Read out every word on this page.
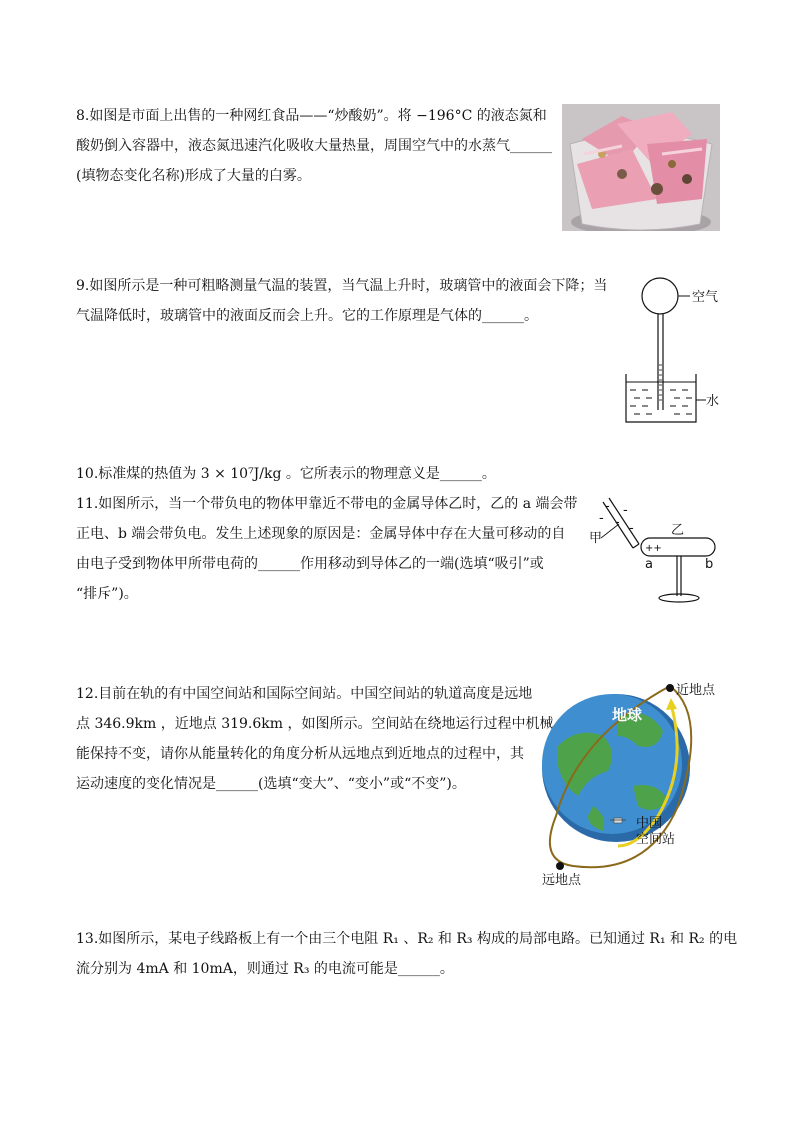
8.如图是市面上出售的一种网红食品——“炒酸奶”。将 −196°C 的液态氮和
酸奶倒入容器中，液态氮迅速汽化吸收大量热量，周围空气中的水蒸气______
(填物态变化名称)形成了大量的白雾。
9.如图所示是一种可粗略测量气温的装置，当气温上升时，玻璃管中的液面会下降；当
气温降低时，玻璃管中的液面反而会上升。它的工作原理是气体的______。
空气
水
10.标准煤的热值为 3 × 10⁷J/kg 。它所表示的物理意义是______。
11.如图所示，当一个带负电的物体甲靠近不带电的金属导体乙时，乙的 a 端会带
正电、b 端会带负电。发生上述现象的原因是：金属导体中存在大量可移动的自
由电子受到物体甲所带电荷的______作用移动到导体乙的一端(选填“吸引”或
“排斥”)。
-
- -
-
-
甲
乙
++
a	b
12.目前在轨的有中国空间站和国际空间站。中国空间站的轨道高度是远地
点 346.9km ，近地点 319.6km ，如图所示。空间站在绕地运行过程中机械
能保持不变，请你从能量转化的角度分析从远地点到近地点的过程中，其
运动速度的变化情况是______(选填“变大”、“变小”或“不变”)。
近地点
地球
中国
空间站
远地点
13.如图所示，某电子线路板上有一个由三个电阻 R₁ 、R₂ 和 R₃ 构成的局部电路。已知通过 R₁ 和 R₂ 的电
流分别为 4mA 和 10mA，则通过 R₃ 的电流可能是______。
